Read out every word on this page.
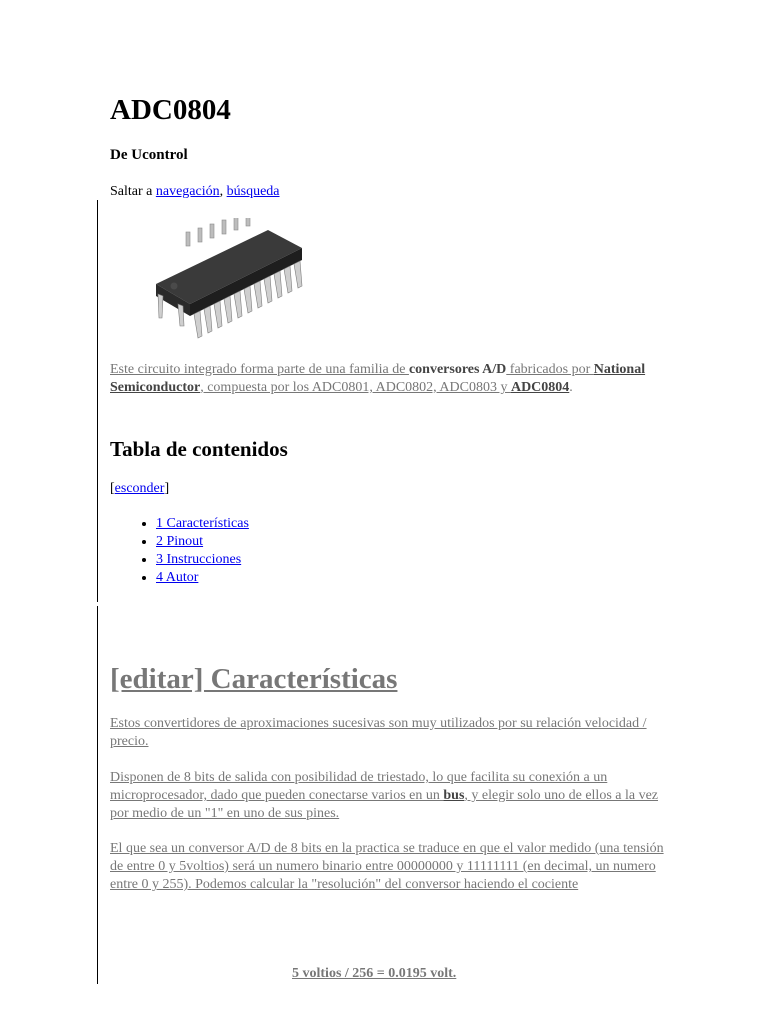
ADC0804
De Ucontrol
Saltar a navegación, búsqueda

Este circuito integrado forma parte de una familia de conversores A/D fabricados por National Semiconductor, compuesta por los ADC0801, ADC0802, ADC0803 y ADC0804.

Tabla de contenidos
[esconder]
• 1 Características
• 2 Pinout
• 3 Instrucciones
• 4 Autor
[editar] Características

Estos convertidores de aproximaciones sucesivas son muy utilizados por su relación velocidad / precio.

Disponen de 8 bits de salida con posibilidad de triestado, lo que facilita su conexión a un microprocesador, dado que pueden conectarse varios en un bus, y elegir solo uno de ellos a la vez por medio de un "1" en uno de sus pines.

El que sea un conversor A/D de 8 bits en la practica se traduce en que el valor medido (una tensión de entre 0 y 5voltios) será un numero binario entre 00000000 y 11111111 (en decimal, un numero entre 0 y 255). Podemos calcular la "resolución" del conversor haciendo el cociente

5 voltios / 256 = 0.0195 volt.
